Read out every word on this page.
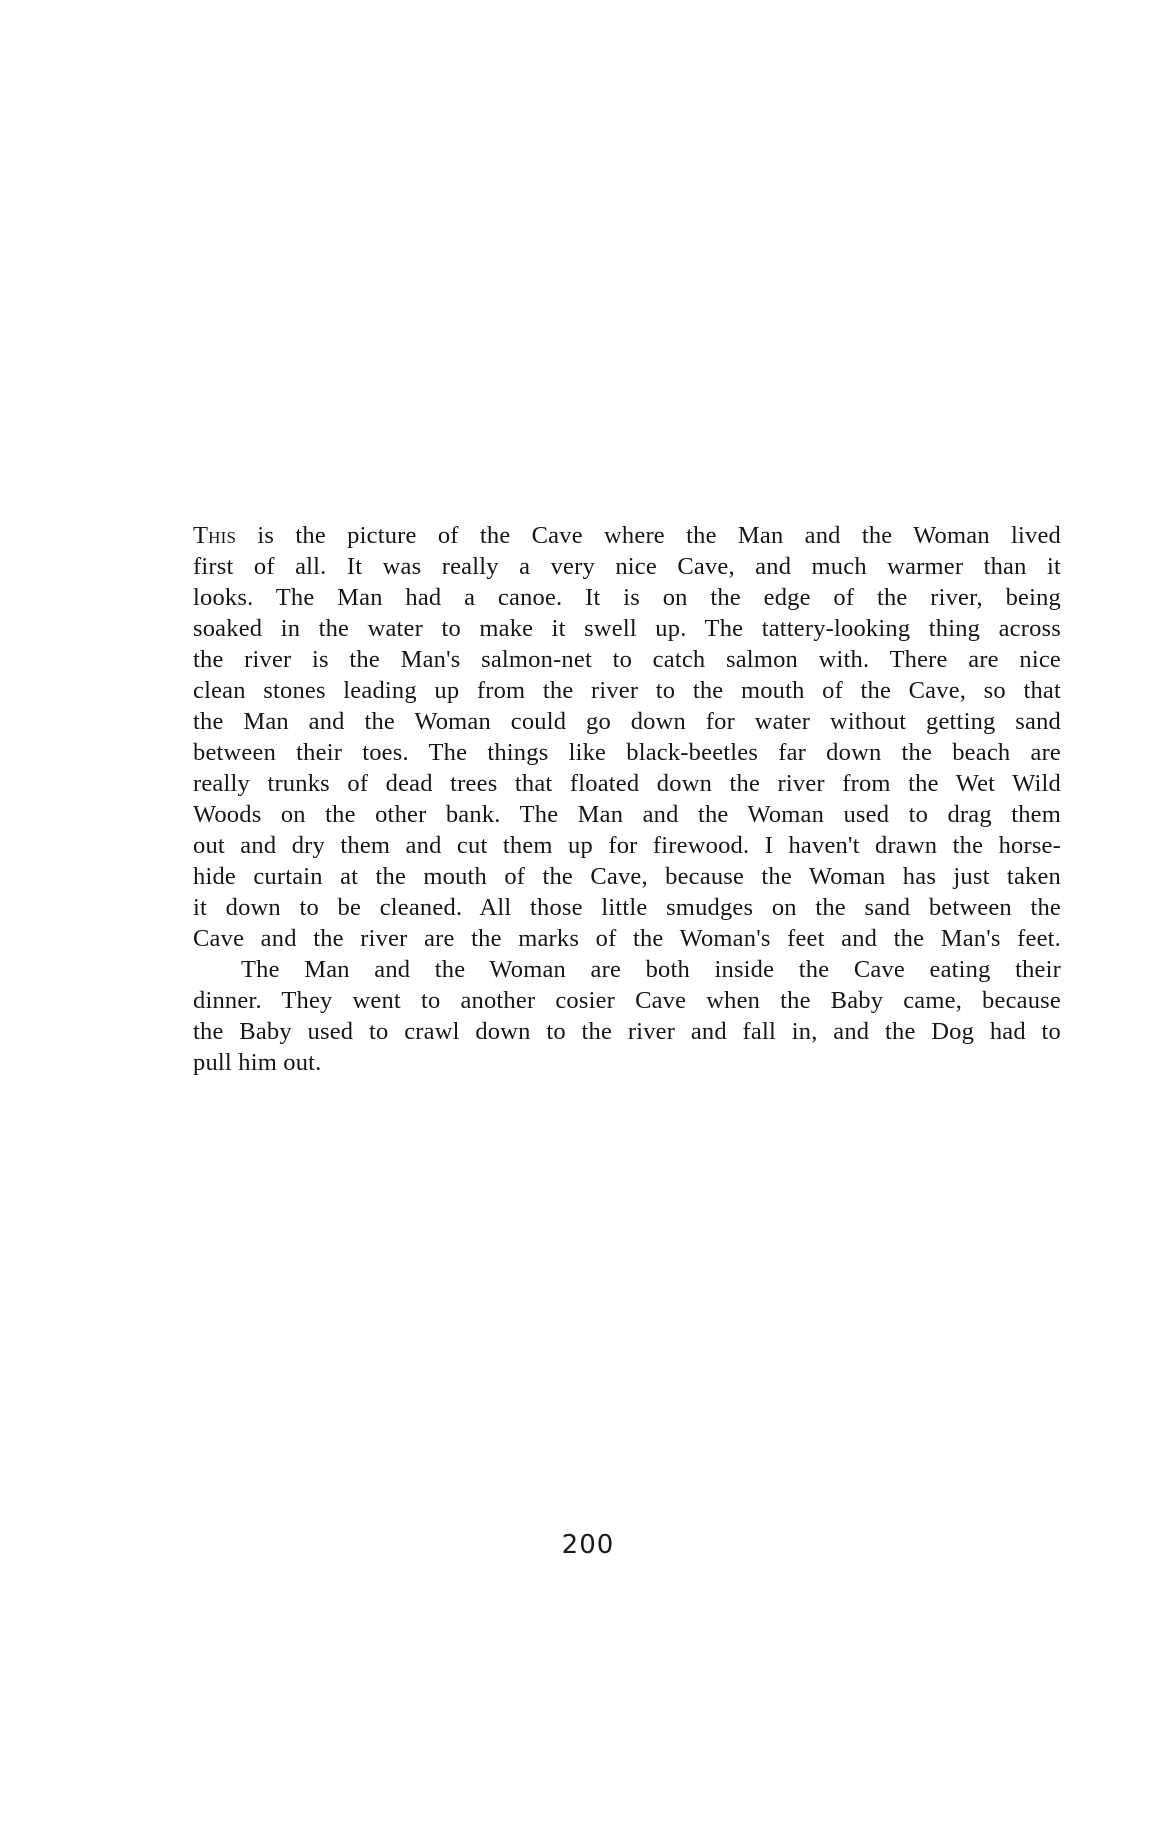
This is the picture of the Cave where the Man and the Woman lived
first of all. It was really a very nice Cave, and much warmer than it
looks. The Man had a canoe. It is on the edge of the river, being
soaked in the water to make it swell up. The tattery-looking thing across
the river is the Man's salmon-net to catch salmon with. There are nice
clean stones leading up from the river to the mouth of the Cave, so that
the Man and the Woman could go down for water without getting sand
between their toes. The things like black-beetles far down the beach are
really trunks of dead trees that floated down the river from the Wet Wild
Woods on the other bank. The Man and the Woman used to drag them
out and dry them and cut them up for firewood. I haven't drawn the horse-
hide curtain at the mouth of the Cave, because the Woman has just taken
it down to be cleaned. All those little smudges on the sand between the
Cave and the river are the marks of the Woman's feet and the Man's feet.
The Man and the Woman are both inside the Cave eating their
dinner. They went to another cosier Cave when the Baby came, because
the Baby used to crawl down to the river and fall in, and the Dog had to
pull him out.
200
